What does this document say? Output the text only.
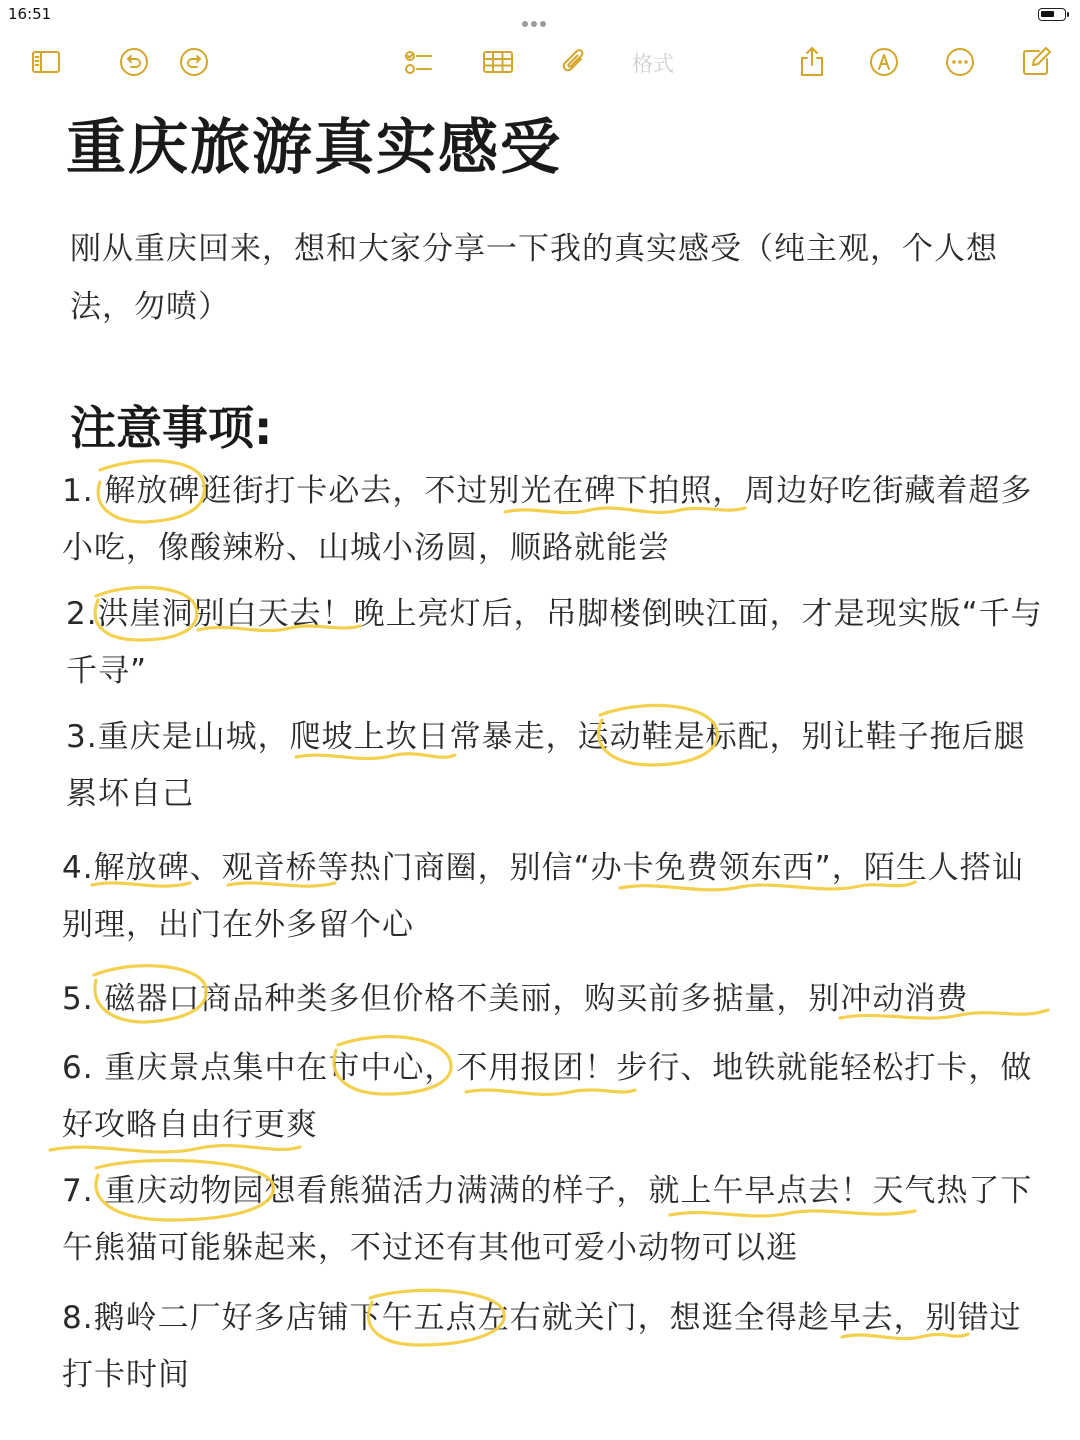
16:51
格式
重庆旅游真实感受
刚从重庆回来，想和大家分享一下我的真实感受（纯主观，个人想法，勿喷）
注意事项:
1. 解放碑逛街打卡必去，不过别光在碑下拍照，周边好吃街藏着超多小吃，像酸辣粉、山城小汤圆，顺路就能尝
2.洪崖洞别白天去！晚上亮灯后，吊脚楼倒映江面，才是现实版“千与千寻”
3.重庆是山城，爬坡上坎日常暴走，运动鞋是标配，别让鞋子拖后腿累坏自己
4.解放碑、观音桥等热门商圈，别信“办卡免费领东西”，陌生人搭讪别理，出门在外多留个心
5. 磁器口商品种类多但价格不美丽，购买前多掂量，别冲动消费
6. 重庆景点集中在市中心，不用报团！步行、地铁就能轻松打卡，做好攻略自由行更爽
7. 重庆动物园想看熊猫活力满满的样子，就上午早点去！天气热了下午熊猫可能躲起来，不过还有其他可爱小动物可以逛
8.鹅岭二厂好多店铺下午五点左右就关门，想逛全得趁早去，别错过打卡时间
